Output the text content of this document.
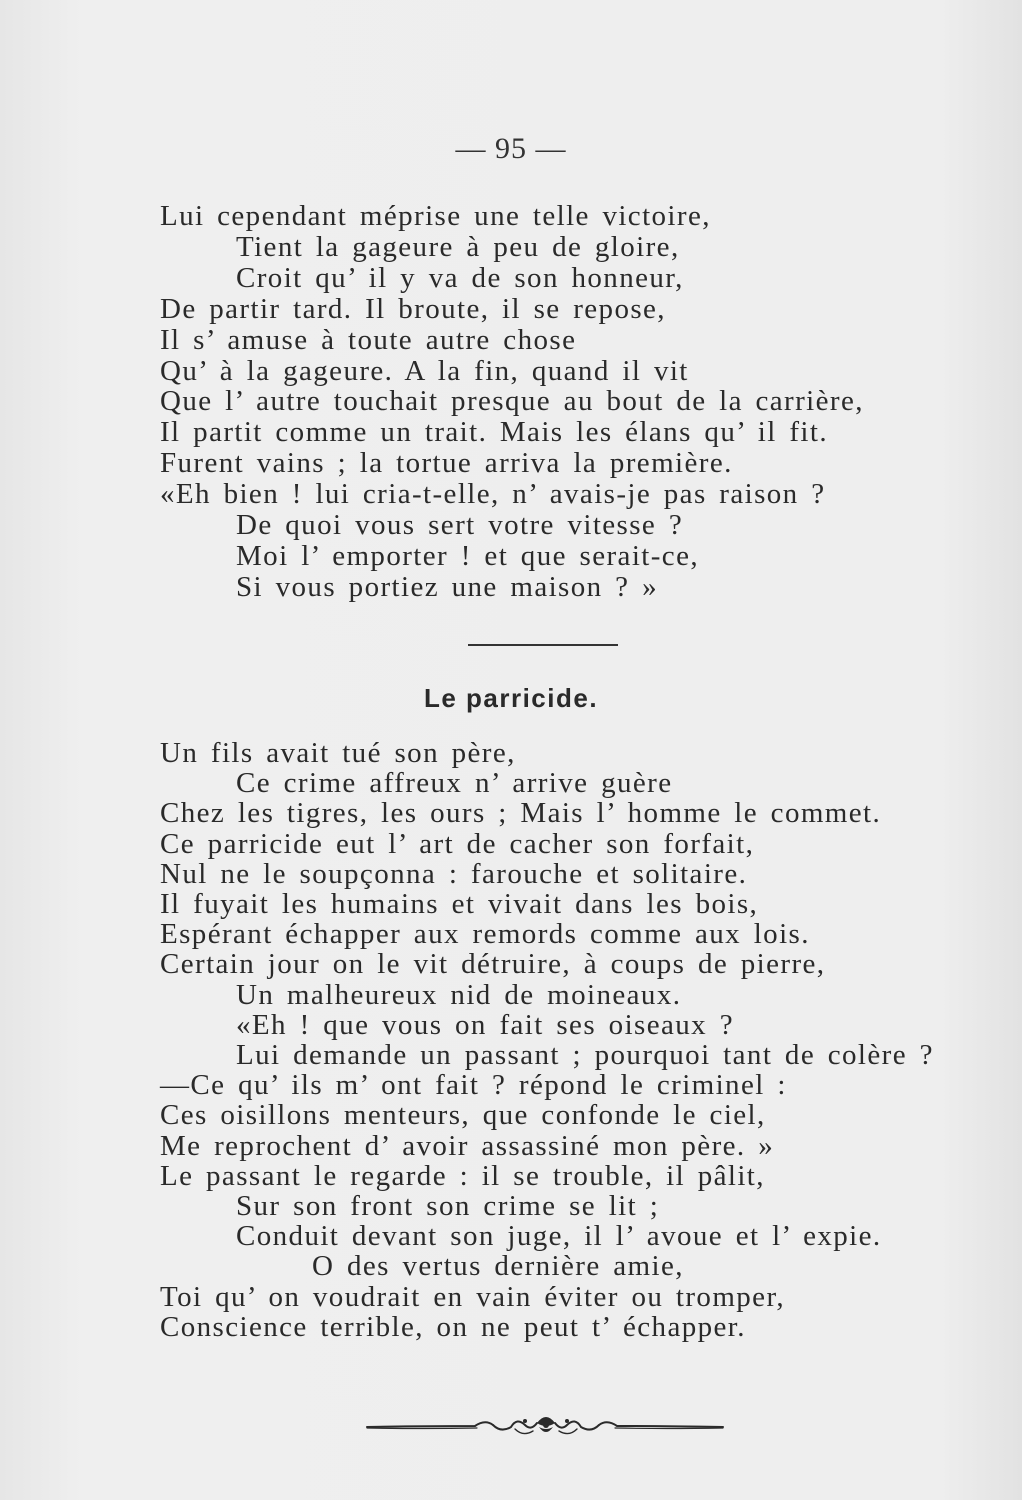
— 95 —
Lui cependant méprise une telle victoire,
Tient la gageure à peu de gloire,
Croit qu’ il y va de son honneur,
De partir tard. Il broute, il se repose,
Il s’ amuse à toute autre chose
Qu’ à la gageure. A la fin, quand il vit
Que l’ autre touchait presque au bout de la carrière,
Il partit comme un trait. Mais les élans qu’ il fit.
Furent vains ; la tortue arriva la première.
«Eh bien ! lui cria-t-elle, n’ avais-je pas raison ?
De quoi vous sert votre vitesse ?
Moi l’ emporter ! et que serait-ce,
Si vous portiez une maison ? »
Le parricide.
Un fils avait tué son père,
Ce crime affreux n’ arrive guère
Chez les tigres, les ours ; Mais l’ homme le commet.
Ce parricide eut l’ art de cacher son forfait,
Nul ne le soupçonna : farouche et solitaire.
Il fuyait les humains et vivait dans les bois,
Espérant échapper aux remords comme aux lois.
Certain jour on le vit détruire, à coups de pierre,
Un malheureux nid de moineaux.
«Eh ! que vous on fait ses oiseaux ?
Lui demande un passant ; pourquoi tant de colère ?
—Ce qu’ ils m’ ont fait ? répond le criminel :
Ces oisillons menteurs, que confonde le ciel,
Me reprochent d’ avoir assassiné mon père. »
Le passant le regarde : il se trouble, il pâlit,
Sur son front son crime se lit ;
Conduit devant son juge, il l’ avoue et l’ expie.
O des vertus dernière amie,
Toi qu’ on voudrait en vain éviter ou tromper,
Conscience terrible, on ne peut t’ échapper.
